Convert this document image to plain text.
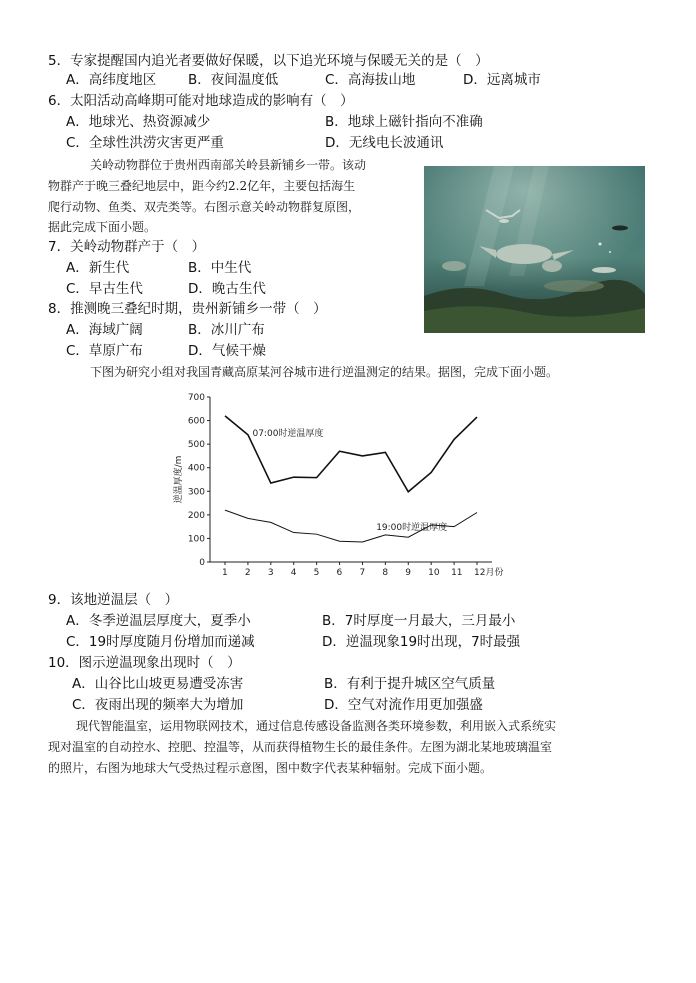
5．专家提醒国内追光者要做好保暖，以下追光环境与保暖无关的是（　）
A．高纬度地区 B．夜间温度低	C．高海拔山地	D．远离城市
6．太阳活动高峰期可能对地球造成的影响有（　）
A．地球光、热资源减少	B．地球上磁针指向不准确
C．全球性洪涝灾害更严重	D．无线电长波通讯
关岭动物群位于贵州西南部关岭县新铺乡一带。该动
物群产于晚三叠纪地层中，距今约2.2亿年，主要包括海生
爬行动物、鱼类、双壳类等。右图示意关岭动物群复原图，
据此完成下面小题。
7．关岭动物群产于（　）
A．新生代	B．中生代
C．早古生代	D．晚古生代
8．推测晚三叠纪时期，贵州新铺乡一带（　）
A．海域广阔	B．冰川广布
C．草原广布	D．气候干燥
下图为研究小组对我国青藏高原某河谷城市进行逆温测定的结果。据图，完成下面小题。
0
100
200
300
400
500
600
700
1 2 3 4 5 6 7 8 9 10 11 12月份
逆温厚度/m
07:00时逆温厚度
19:00时逆温厚度
9．该地逆温层（　）
A．冬季逆温层厚度大，夏季小	B．7时厚度一月最大，三月最小
C．19时厚度随月份增加而递减	D．逆温现象19时出现，7时最强
10．图示逆温现象出现时（　）
A．山谷比山坡更易遭受冻害	B．有利于提升城区空气质量
C．夜雨出现的频率大为增加	D．空气对流作用更加强盛
现代智能温室，运用物联网技术，通过信息传感设备监测各类环境参数，利用嵌入式系统实
现对温室的自动控水、控肥、控温等，从而获得植物生长的最佳条件。左图为湖北某地玻璃温室
的照片，右图为地球大气受热过程示意图，图中数字代表某种辐射。完成下面小题。
